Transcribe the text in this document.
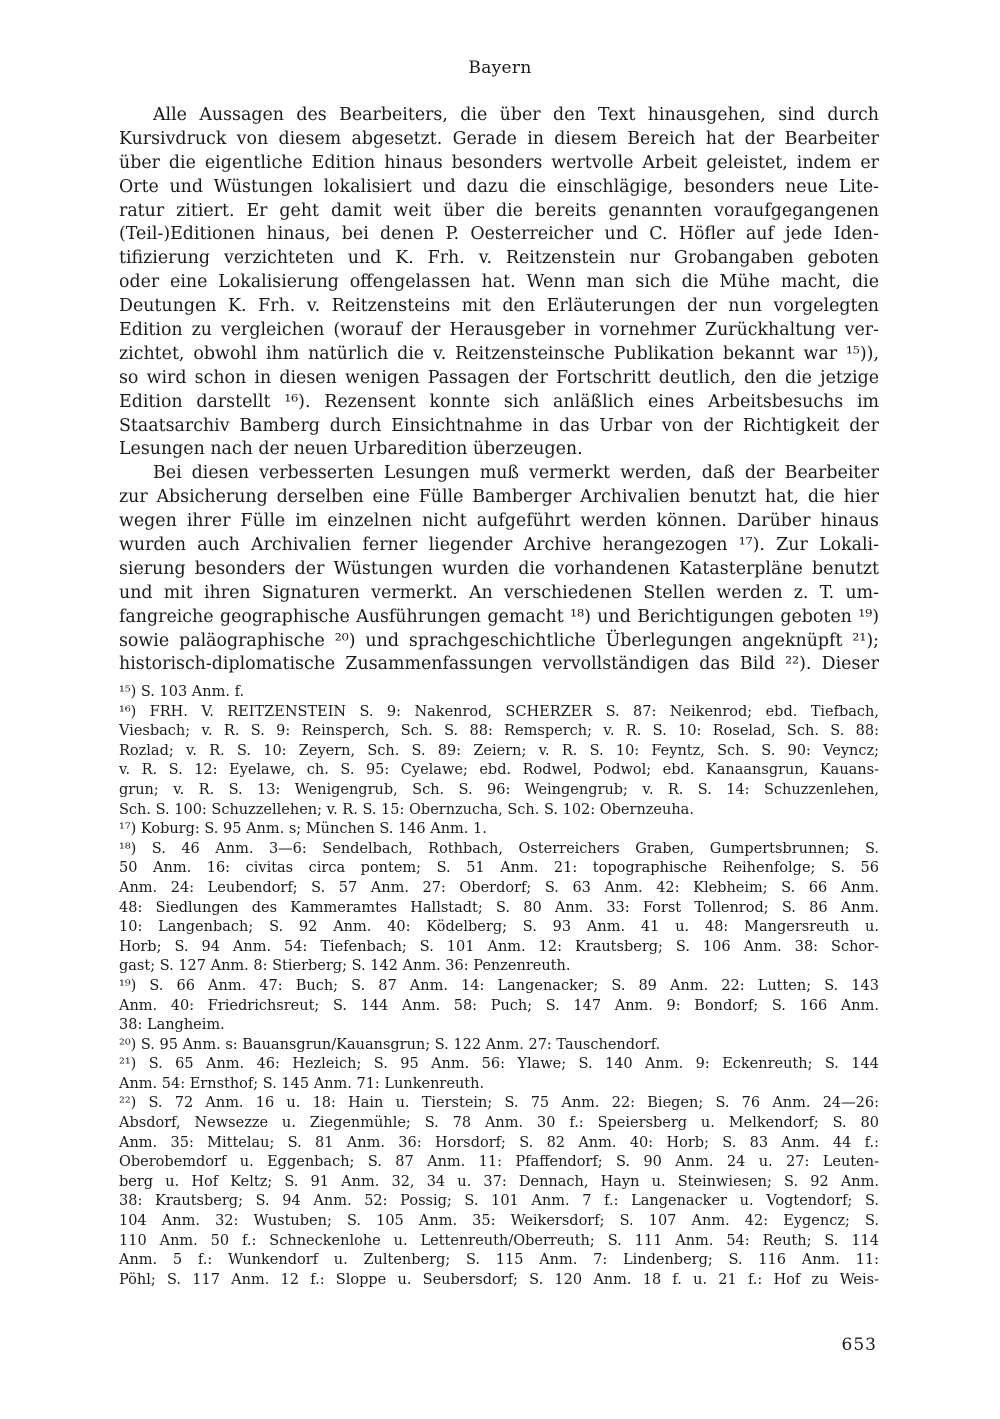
Bayern
Alle Aussagen des Bearbeiters, die über den Text hinausgehen, sind durch
Kursivdruck von diesem abgesetzt. Gerade in diesem Bereich hat der Bearbeiter
über die eigentliche Edition hinaus besonders wertvolle Arbeit geleistet, indem er
Orte und Wüstungen lokalisiert und dazu die einschlägige, besonders neue Lite-
ratur zitiert. Er geht damit weit über die bereits genannten voraufgegangenen
(Teil-)Editionen hinaus, bei denen P. Oesterreicher und C. Höfler auf jede Iden-
tifizierung verzichteten und K. Frh. v. Reitzenstein nur Grobangaben geboten
oder eine Lokalisierung offengelassen hat. Wenn man sich die Mühe macht, die
Deutungen K. Frh. v. Reitzensteins mit den Erläuterungen der nun vorgelegten
Edition zu vergleichen (worauf der Herausgeber in vornehmer Zurückhaltung ver-
zichtet, obwohl ihm natürlich die v. Reitzensteinsche Publikation bekannt war ¹⁵)),
so wird schon in diesen wenigen Passagen der Fortschritt deutlich, den die jetzige
Edition darstellt ¹⁶). Rezensent konnte sich anläßlich eines Arbeitsbesuchs im
Staatsarchiv Bamberg durch Einsichtnahme in das Urbar von der Richtigkeit der
Lesungen nach der neuen Urbaredition überzeugen.
Bei diesen verbesserten Lesungen muß vermerkt werden, daß der Bearbeiter
zur Absicherung derselben eine Fülle Bamberger Archivalien benutzt hat, die hier
wegen ihrer Fülle im einzelnen nicht aufgeführt werden können. Darüber hinaus
wurden auch Archivalien ferner liegender Archive herangezogen ¹⁷). Zur Lokali-
sierung besonders der Wüstungen wurden die vorhandenen Katasterpläne benutzt
und mit ihren Signaturen vermerkt. An verschiedenen Stellen werden z. T. um-
fangreiche geographische Ausführungen gemacht ¹⁸) und Berichtigungen geboten ¹⁹)
sowie paläographische ²⁰) und sprachgeschichtliche Überlegungen angeknüpft ²¹);
historisch-diplomatische Zusammenfassungen vervollständigen das Bild ²²). Dieser
¹⁵) S. 103 Anm. f.
¹⁶) FRH. V. REITZENSTEIN S. 9: Nakenrod, SCHERZER S. 87: Neikenrod; ebd. Tiefbach,
Viesbach; v. R. S. 9: Reinsperch, Sch. S. 88: Remsperch; v. R. S. 10: Roselad, Sch. S. 88:
Rozlad; v. R. S. 10: Zeyern, Sch. S. 89: Zeiern; v. R. S. 10: Feyntz, Sch. S. 90: Veyncz;
v. R. S. 12: Eyelawe, ch. S. 95: Cyelawe; ebd. Rodwel, Podwol; ebd. Kanaansgrun, Kauans-
grun; v. R. S. 13: Wenigengrub, Sch. S. 96: Weingengrub; v. R. S. 14: Schuzzenlehen,
Sch. S. 100: Schuzzellehen; v. R. S. 15: Obernzucha, Sch. S. 102: Obernzeuha.
¹⁷) Koburg: S. 95 Anm. s; München S. 146 Anm. 1.
¹⁸) S. 46 Anm. 3—6: Sendelbach, Rothbach, Osterreichers Graben, Gumpertsbrunnen; S.
50 Anm. 16: civitas circa pontem; S. 51 Anm. 21: topographische Reihenfolge; S. 56
Anm. 24: Leubendorf; S. 57 Anm. 27: Oberdorf; S. 63 Anm. 42: Klebheim; S. 66 Anm.
48: Siedlungen des Kammeramtes Hallstadt; S. 80 Anm. 33: Forst Tollenrod; S. 86 Anm.
10: Langenbach; S. 92 Anm. 40: Ködelberg; S. 93 Anm. 41 u. 48: Mangersreuth u.
Horb; S. 94 Anm. 54: Tiefenbach; S. 101 Anm. 12: Krautsberg; S. 106 Anm. 38: Schor-
gast; S. 127 Anm. 8: Stierberg; S. 142 Anm. 36: Penzenreuth.
¹⁹) S. 66 Anm. 47: Buch; S. 87 Anm. 14: Langenacker; S. 89 Anm. 22: Lutten; S. 143
Anm. 40: Friedrichsreut; S. 144 Anm. 58: Puch; S. 147 Anm. 9: Bondorf; S. 166 Anm.
38: Langheim.
²⁰) S. 95 Anm. s: Bauansgrun/Kauansgrun; S. 122 Anm. 27: Tauschendorf.
²¹) S. 65 Anm. 46: Hezleich; S. 95 Anm. 56: Ylawe; S. 140 Anm. 9: Eckenreuth; S. 144
Anm. 54: Ernsthof; S. 145 Anm. 71: Lunkenreuth.
²²) S. 72 Anm. 16 u. 18: Hain u. Tierstein; S. 75 Anm. 22: Biegen; S. 76 Anm. 24—26:
Absdorf, Newsezze u. Ziegenmühle; S. 78 Anm. 30 f.: Speiersberg u. Melkendorf; S. 80
Anm. 35: Mittelau; S. 81 Anm. 36: Horsdorf; S. 82 Anm. 40: Horb; S. 83 Anm. 44 f.:
Oberobemdorf u. Eggenbach; S. 87 Anm. 11: Pfaffendorf; S. 90 Anm. 24 u. 27: Leuten-
berg u. Hof Keltz; S. 91 Anm. 32, 34 u. 37: Dennach, Hayn u. Steinwiesen; S. 92 Anm.
38: Krautsberg; S. 94 Anm. 52: Possig; S. 101 Anm. 7 f.: Langenacker u. Vogtendorf; S.
104 Anm. 32: Wustuben; S. 105 Anm. 35: Weikersdorf; S. 107 Anm. 42: Eygencz; S.
110 Anm. 50 f.: Schneckenlohe u. Lettenreuth/Oberreuth; S. 111 Anm. 54: Reuth; S. 114
Anm. 5 f.: Wunkendorf u. Zultenberg; S. 115 Anm. 7: Lindenberg; S. 116 Anm. 11:
Pöhl; S. 117 Anm. 12 f.: Sloppe u. Seubersdorf; S. 120 Anm. 18 f. u. 21 f.: Hof zu Weis-
653
